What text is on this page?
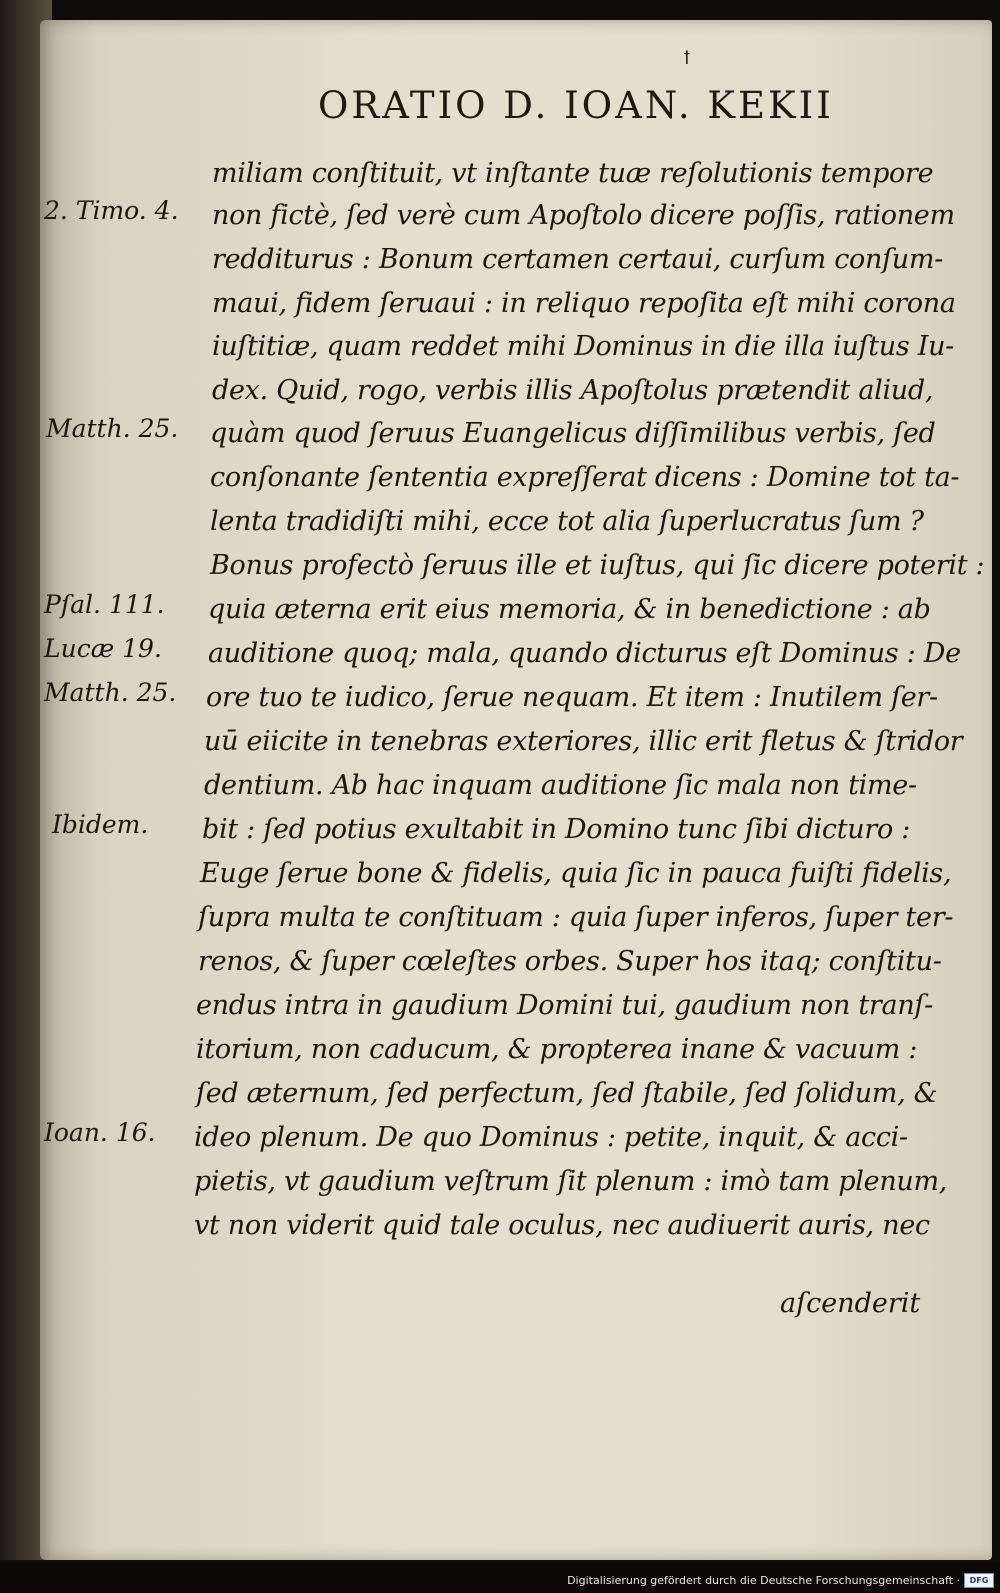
ꝉ
ORATIO D. IOAN. KEKII
miliam conſtituit, vt inſtante tuæ reſolutionis tempore
non fictè, ſed verè cum Apoſtolo dicere poſſis, rationem
redditurus : Bonum certamen certaui, curſum conſum-
maui, fidem ſeruaui : in reliquo repoſita eſt mihi corona
iuſtitiæ, quam reddet mihi Dominus in die illa iuſtus Iu-
dex. Quid, rogo, verbis illis Apoſtolus prætendit aliud,
quàm quod ſeruus Euangelicus diſſimilibus verbis, ſed
conſonante ſententia expreſſerat dicens : Domine tot ta-
lenta tradidiſti mihi, ecce tot alia ſuperlucratus ſum ?
Bonus profectò ſeruus ille et iuſtus, qui ſic dicere poterit :
quia æterna erit eius memoria, & in benedictione : ab
auditione quoq; mala, quando dicturus eſt Dominus : De
ore tuo te iudico, ſerue nequam. Et item : Inutilem ſer-
uū eiicite in tenebras exteriores, illic erit fletus & ſtridor
dentium. Ab hac inquam auditione ſic mala non time-
bit : ſed potius exultabit in Domino tunc ſibi dicturo :
Euge ſerue bone & fidelis, quia ſic in pauca fuiſti fidelis,
ſupra multa te conſtituam : quia ſuper inferos, ſuper ter-
renos, & ſuper cœleſtes orbes. Super hos itaq; conſtitu-
endus intra in gaudium Domini tui, gaudium non tranſ-
itorium, non caducum, & propterea inane & vacuum :
ſed æternum, ſed perfectum, ſed ſtabile, ſed ſolidum, &
ideo plenum. De quo Dominus : petite, inquit, & acci-
pietis, vt gaudium veſtrum ſit plenum : imò tam plenum,
vt non viderit quid tale oculus, nec audiuerit auris, nec
2. Timo. 4.
Matth. 25.
Pſal. 111.
Lucæ 19.
Matth. 25.
Ibidem.
Ioan. 16.
aſcenderit
Digitalisierung gefördert durch die Deutsche Forschungsgemeinschaft ·	DFG
